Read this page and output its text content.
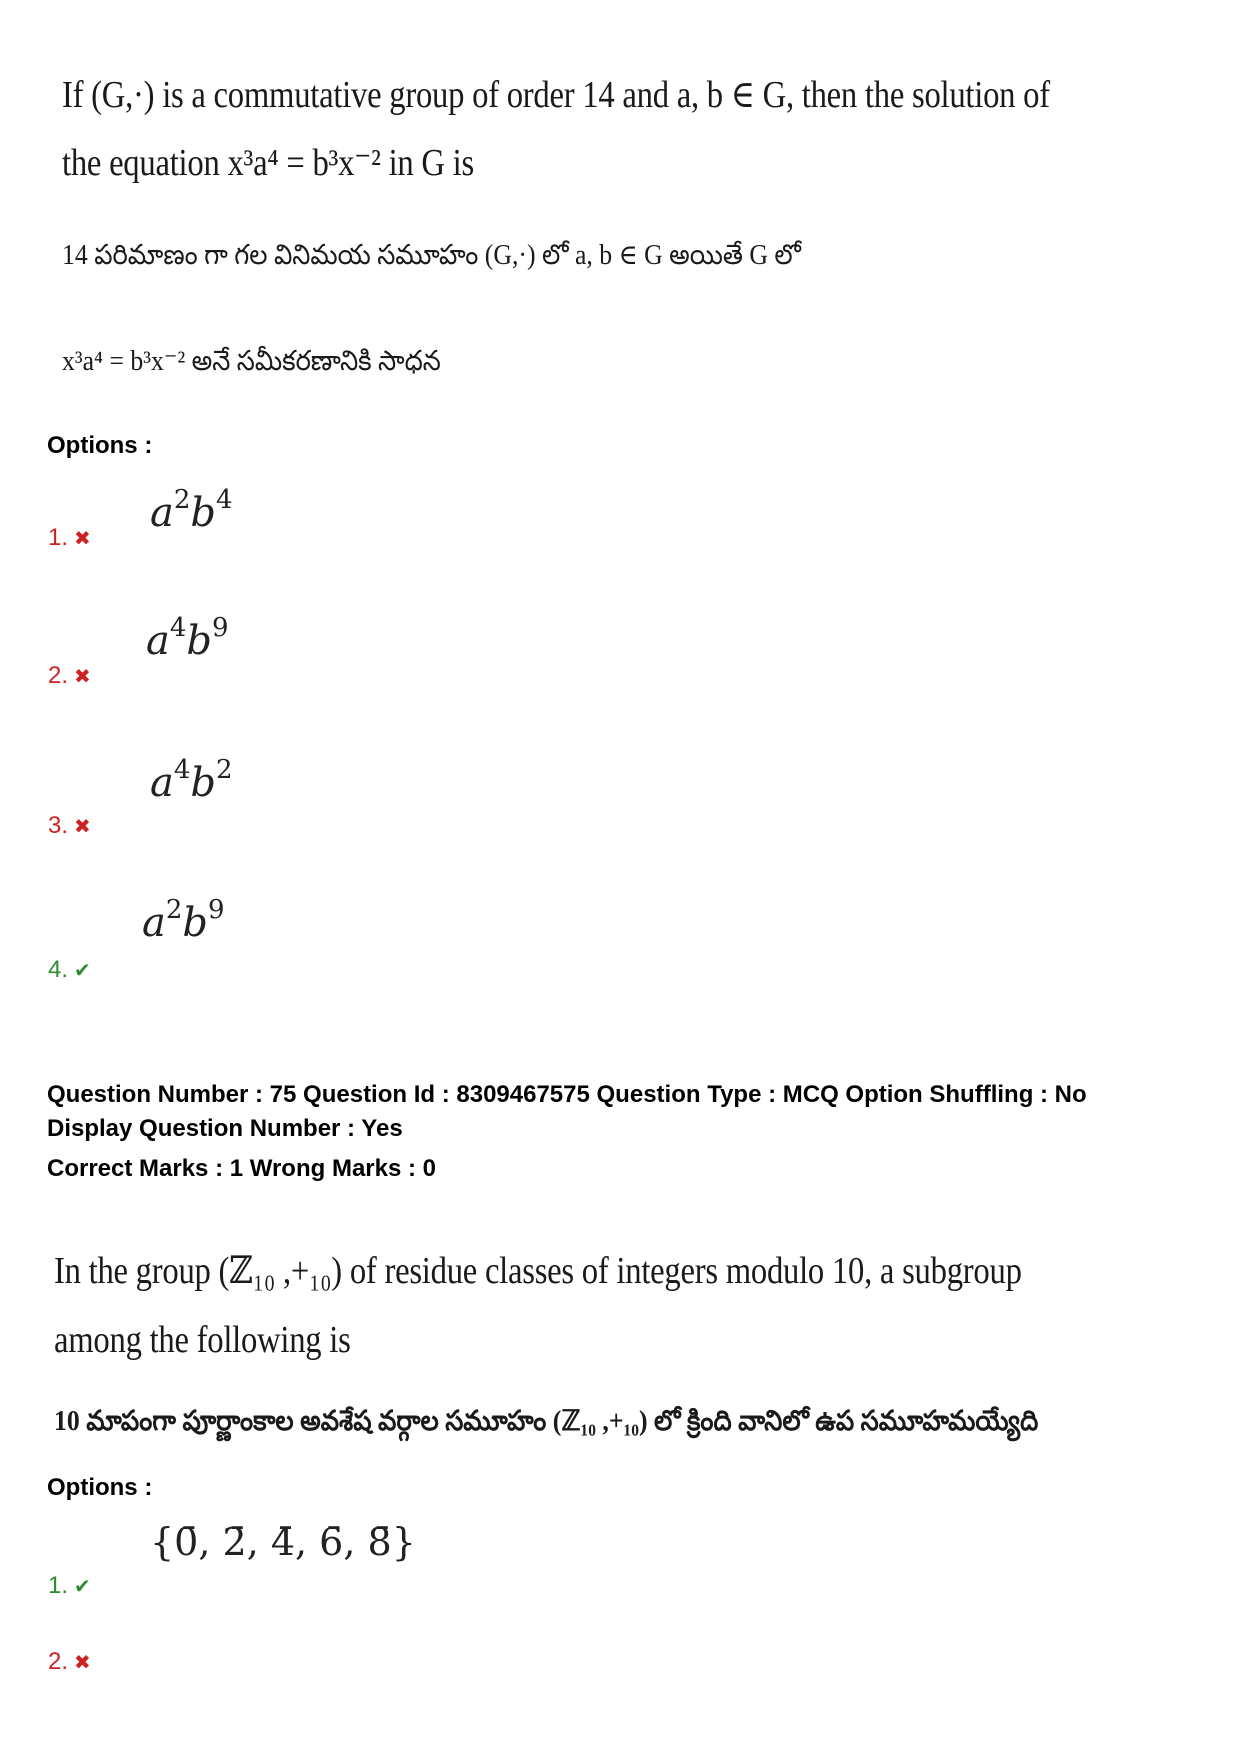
If (G,·) is a commutative group of order 14 and a, b ∈ G, then the solution of
the equation x³a⁴ = b³x⁻² in G is
14 పరిమాణం గా గల వినిమయ సమూహం (G,·) లో a, b ∈ G అయితే G లో
x³a⁴ = b³x⁻² అనే సమీకరణానికి సాధన
Options :
$a^2b^4$
1. ✖
$a^4b^9$
2. ✖
$a^4b^2$
3. ✖
$a^2b^9$
4. ✔
Question Number : 75 Question Id : 8309467575 Question Type : MCQ Option Shuffling : No
Display Question Number : Yes
Correct Marks : 1 Wrong Marks : 0
In the group (ℤ₁₀ ,+₁₀) of residue classes of integers modulo 10, a subgroup
among the following is
10 మాపంగా పూర్ణాంకాల అవశేష వర్గాల సమూహం (ℤ₁₀ ,+₁₀) లో క్రింది వానిలో ఉప సమూహమయ్యేది
Options :
{0̄, 2̄, 4̄, 6̄, 8̄}
1. ✔
2. ✖
